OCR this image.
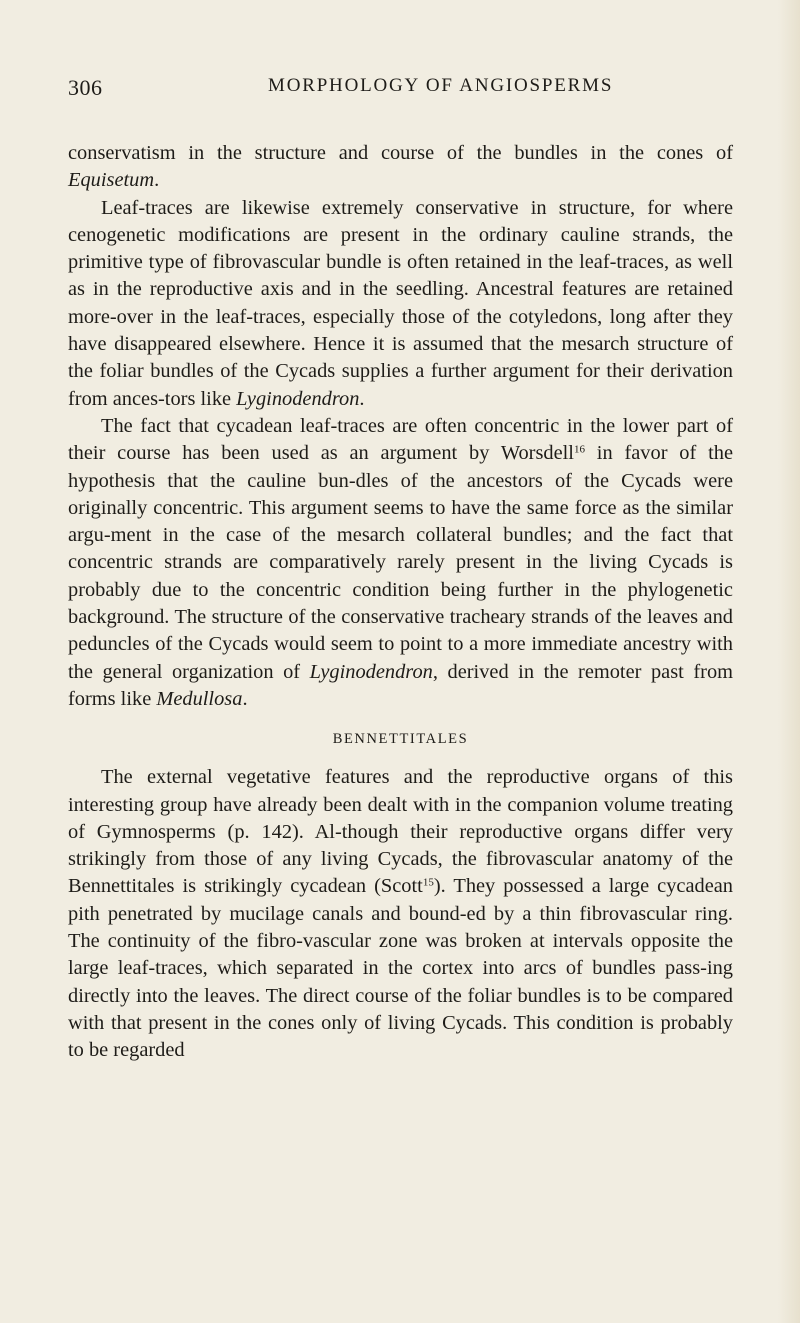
306	MORPHOLOGY OF ANGIOSPERMS

conservatism in the structure and course of the bundles in the cones of Equisetum.

Leaf-traces are likewise extremely conservative in structure, for where cenogenetic modifications are present in the ordinary cauline strands, the primitive type of fibrovascular bundle is often retained in the leaf-traces, as well as in the reproductive axis and in the seedling. Ancestral features are retained more-over in the leaf-traces, especially those of the cotyledons, long after they have disappeared elsewhere. Hence it is assumed that the mesarch structure of the foliar bundles of the Cycads supplies a further argument for their derivation from ances-tors like Lyginodendron.

The fact that cycadean leaf-traces are often concentric in the lower part of their course has been used as an argument by Worsdell$^{16}$ in favor of the hypothesis that the cauline bun-dles of the ancestors of the Cycads were originally concentric. This argument seems to have the same force as the similar argu-ment in the case of the mesarch collateral bundles; and the fact that concentric strands are comparatively rarely present in the living Cycads is probably due to the concentric condition being further in the phylogenetic background. The structure of the conservative tracheary strands of the leaves and peduncles of the Cycads would seem to point to a more immediate ancestry with the general organization of Lyginodendron, derived in the remoter past from forms like Medullosa.

BENNETTITALES

The external vegetative features and the reproductive organs of this interesting group have already been dealt with in the companion volume treating of Gymnosperms (p. 142). Al-though their reproductive organs differ very strikingly from those of any living Cycads, the fibrovascular anatomy of the Bennettitales is strikingly cycadean (Scott$^{15}$). They possessed a large cycadean pith penetrated by mucilage canals and bound-ed by a thin fibrovascular ring. The continuity of the fibro-vascular zone was broken at intervals opposite the large leaf-traces, which separated in the cortex into arcs of bundles pass-ing directly into the leaves. The direct course of the foliar bundles is to be compared with that present in the cones only of living Cycads. This condition is probably to be regarded
